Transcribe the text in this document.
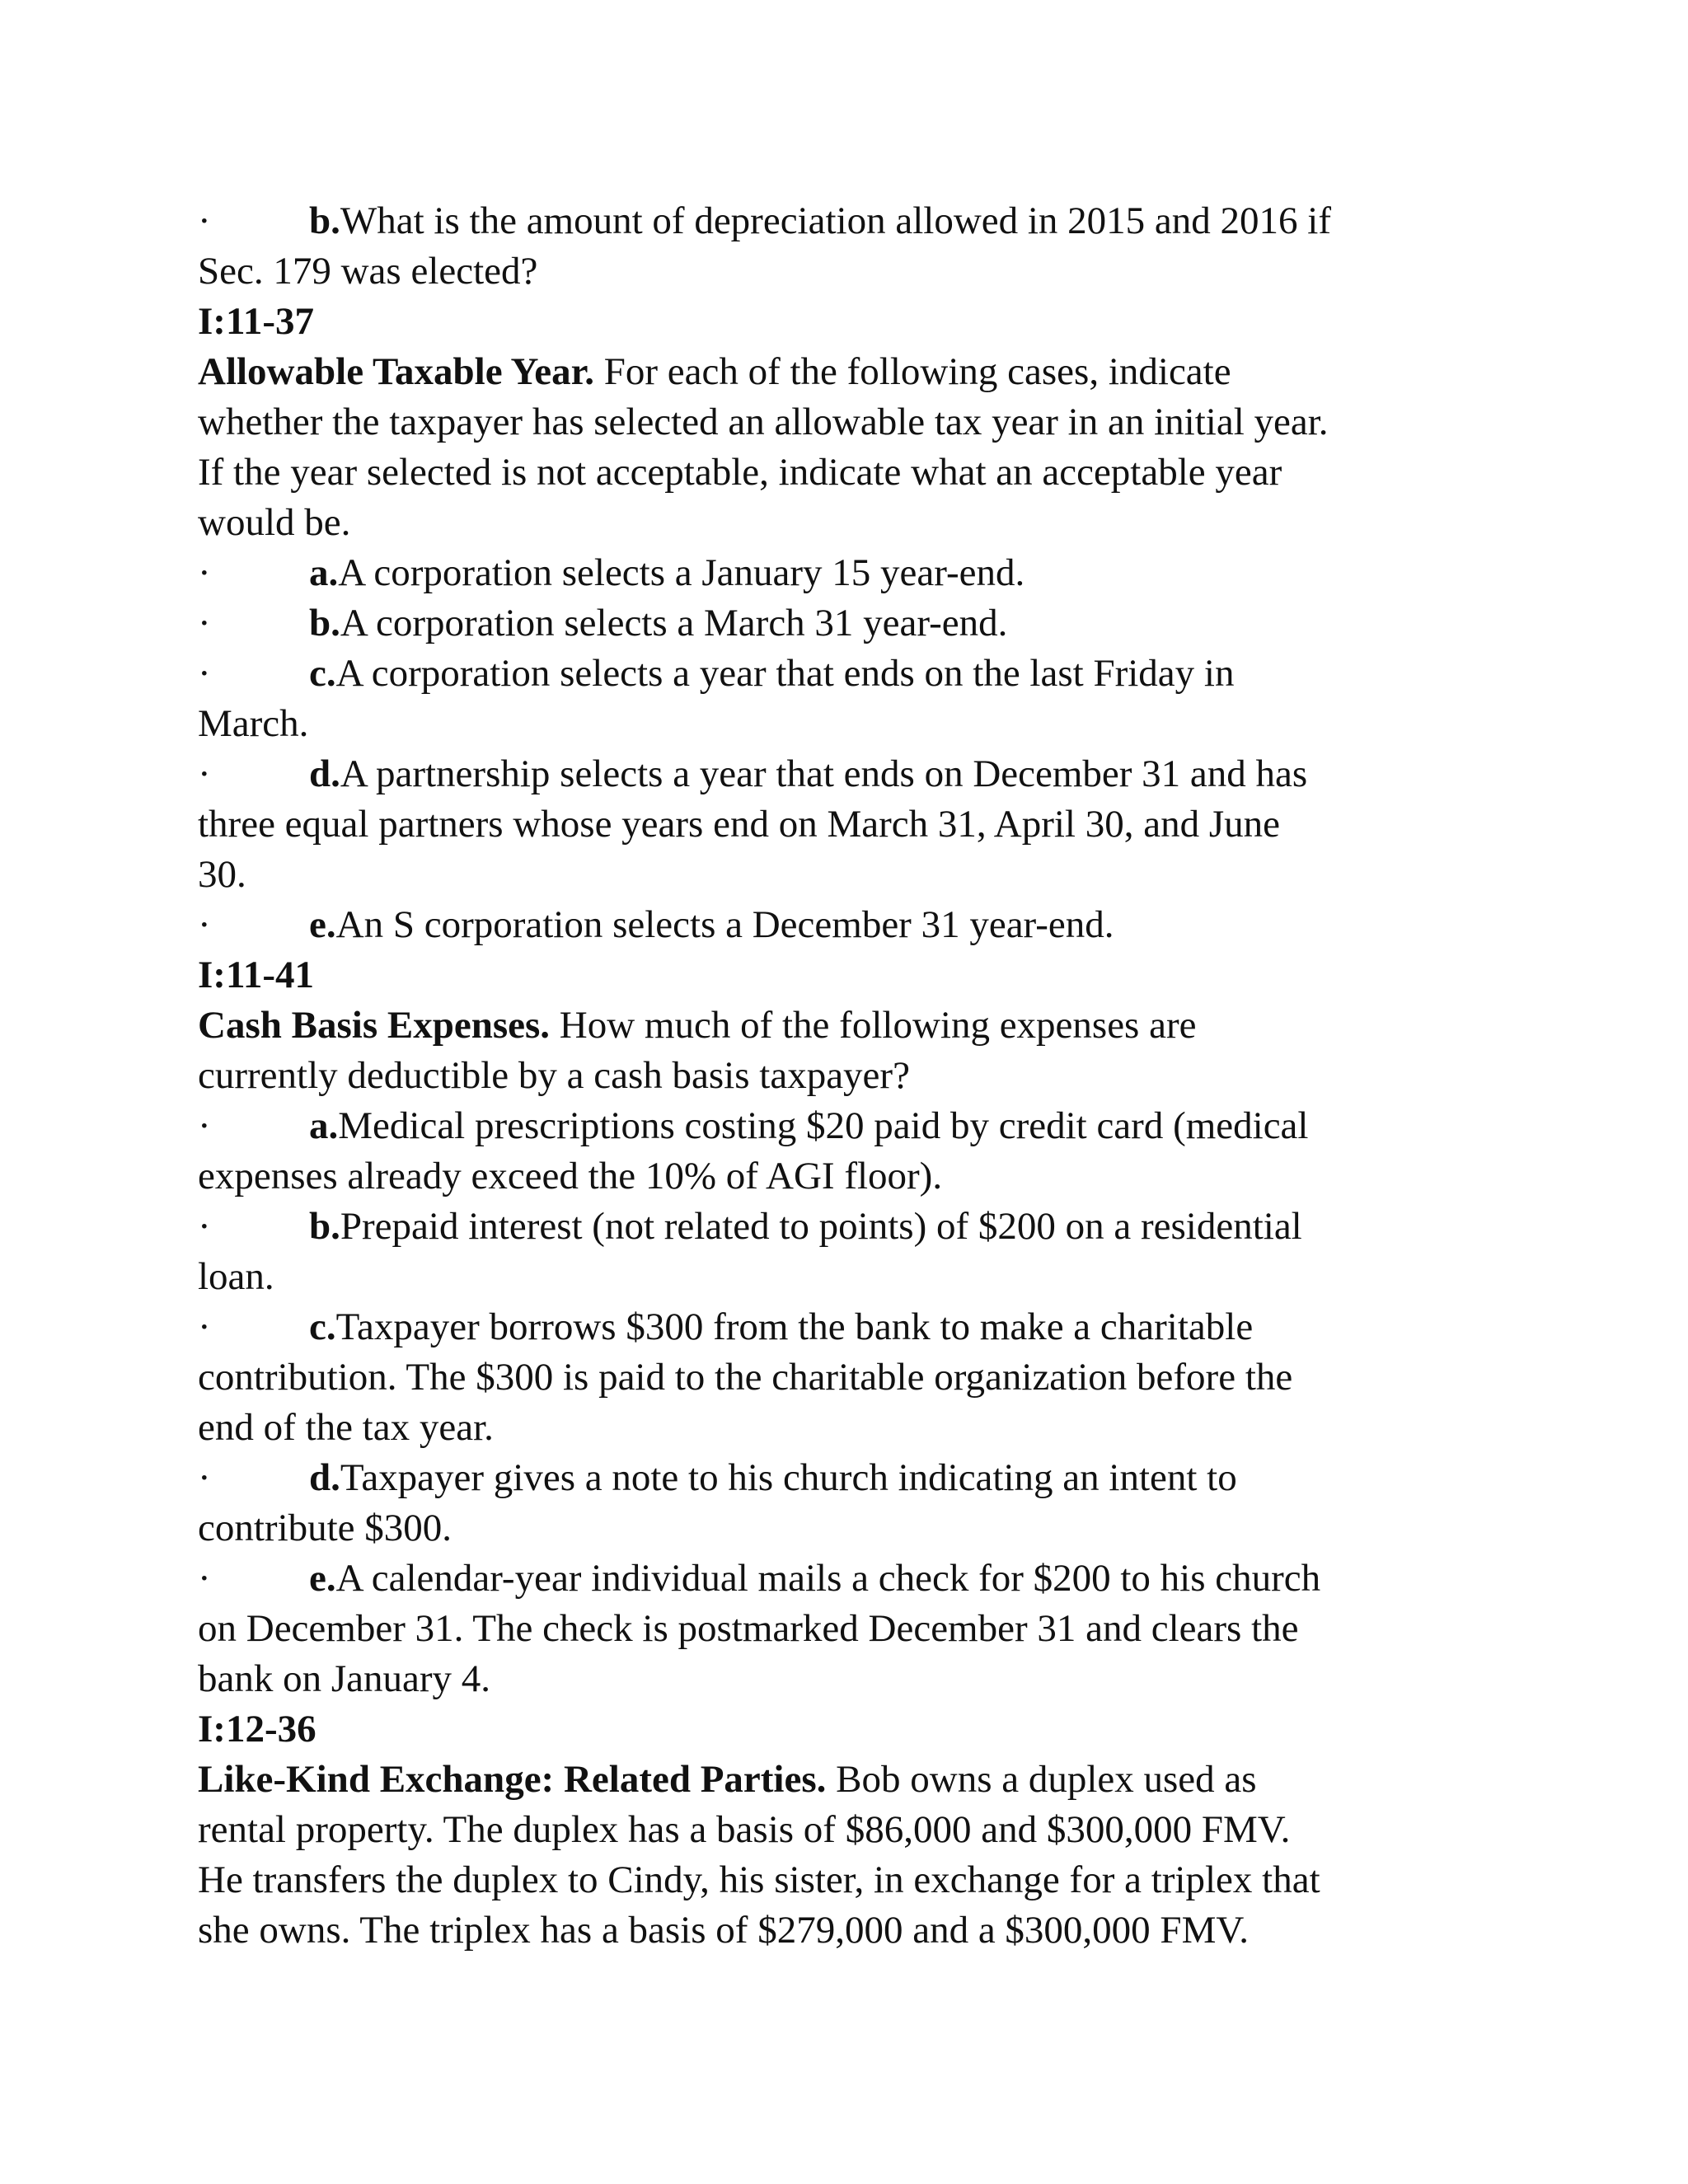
·	b.What is the amount of depreciation allowed in 2015 and 2016 if

Sec. 179 was elected?

I:11-37

Allowable Taxable Year. For each of the following cases, indicate

whether the taxpayer has selected an allowable tax year in an initial year.

If the year selected is not acceptable, indicate what an acceptable year

would be.

·	a.A corporation selects a January 15 year-end.

·	b.A corporation selects a March 31 year-end.

·	c.A corporation selects a year that ends on the last Friday in

March.

·	d.A partnership selects a year that ends on December 31 and has

three equal partners whose years end on March 31, April 30, and June

30.

·	e.An S corporation selects a December 31 year-end.

I:11-41

Cash Basis Expenses. How much of the following expenses are

currently deductible by a cash basis taxpayer?

·	a.Medical prescriptions costing $20 paid by credit card (medical

expenses already exceed the 10% of AGI floor).

·	b.Prepaid interest (not related to points) of $200 on a residential

loan.

·	c.Taxpayer borrows $300 from the bank to make a charitable

contribution. The $300 is paid to the charitable organization before the

end of the tax year.

·	d.Taxpayer gives a note to his church indicating an intent to

contribute $300.

·	e.A calendar-year individual mails a check for $200 to his church

on December 31. The check is postmarked December 31 and clears the

bank on January 4.

I:12-36

Like-Kind Exchange: Related Parties. Bob owns a duplex used as

rental property. The duplex has a basis of $86,000 and $300,000 FMV.

He transfers the duplex to Cindy, his sister, in exchange for a triplex that

she owns. The triplex has a basis of $279,000 and a $300,000 FMV.
